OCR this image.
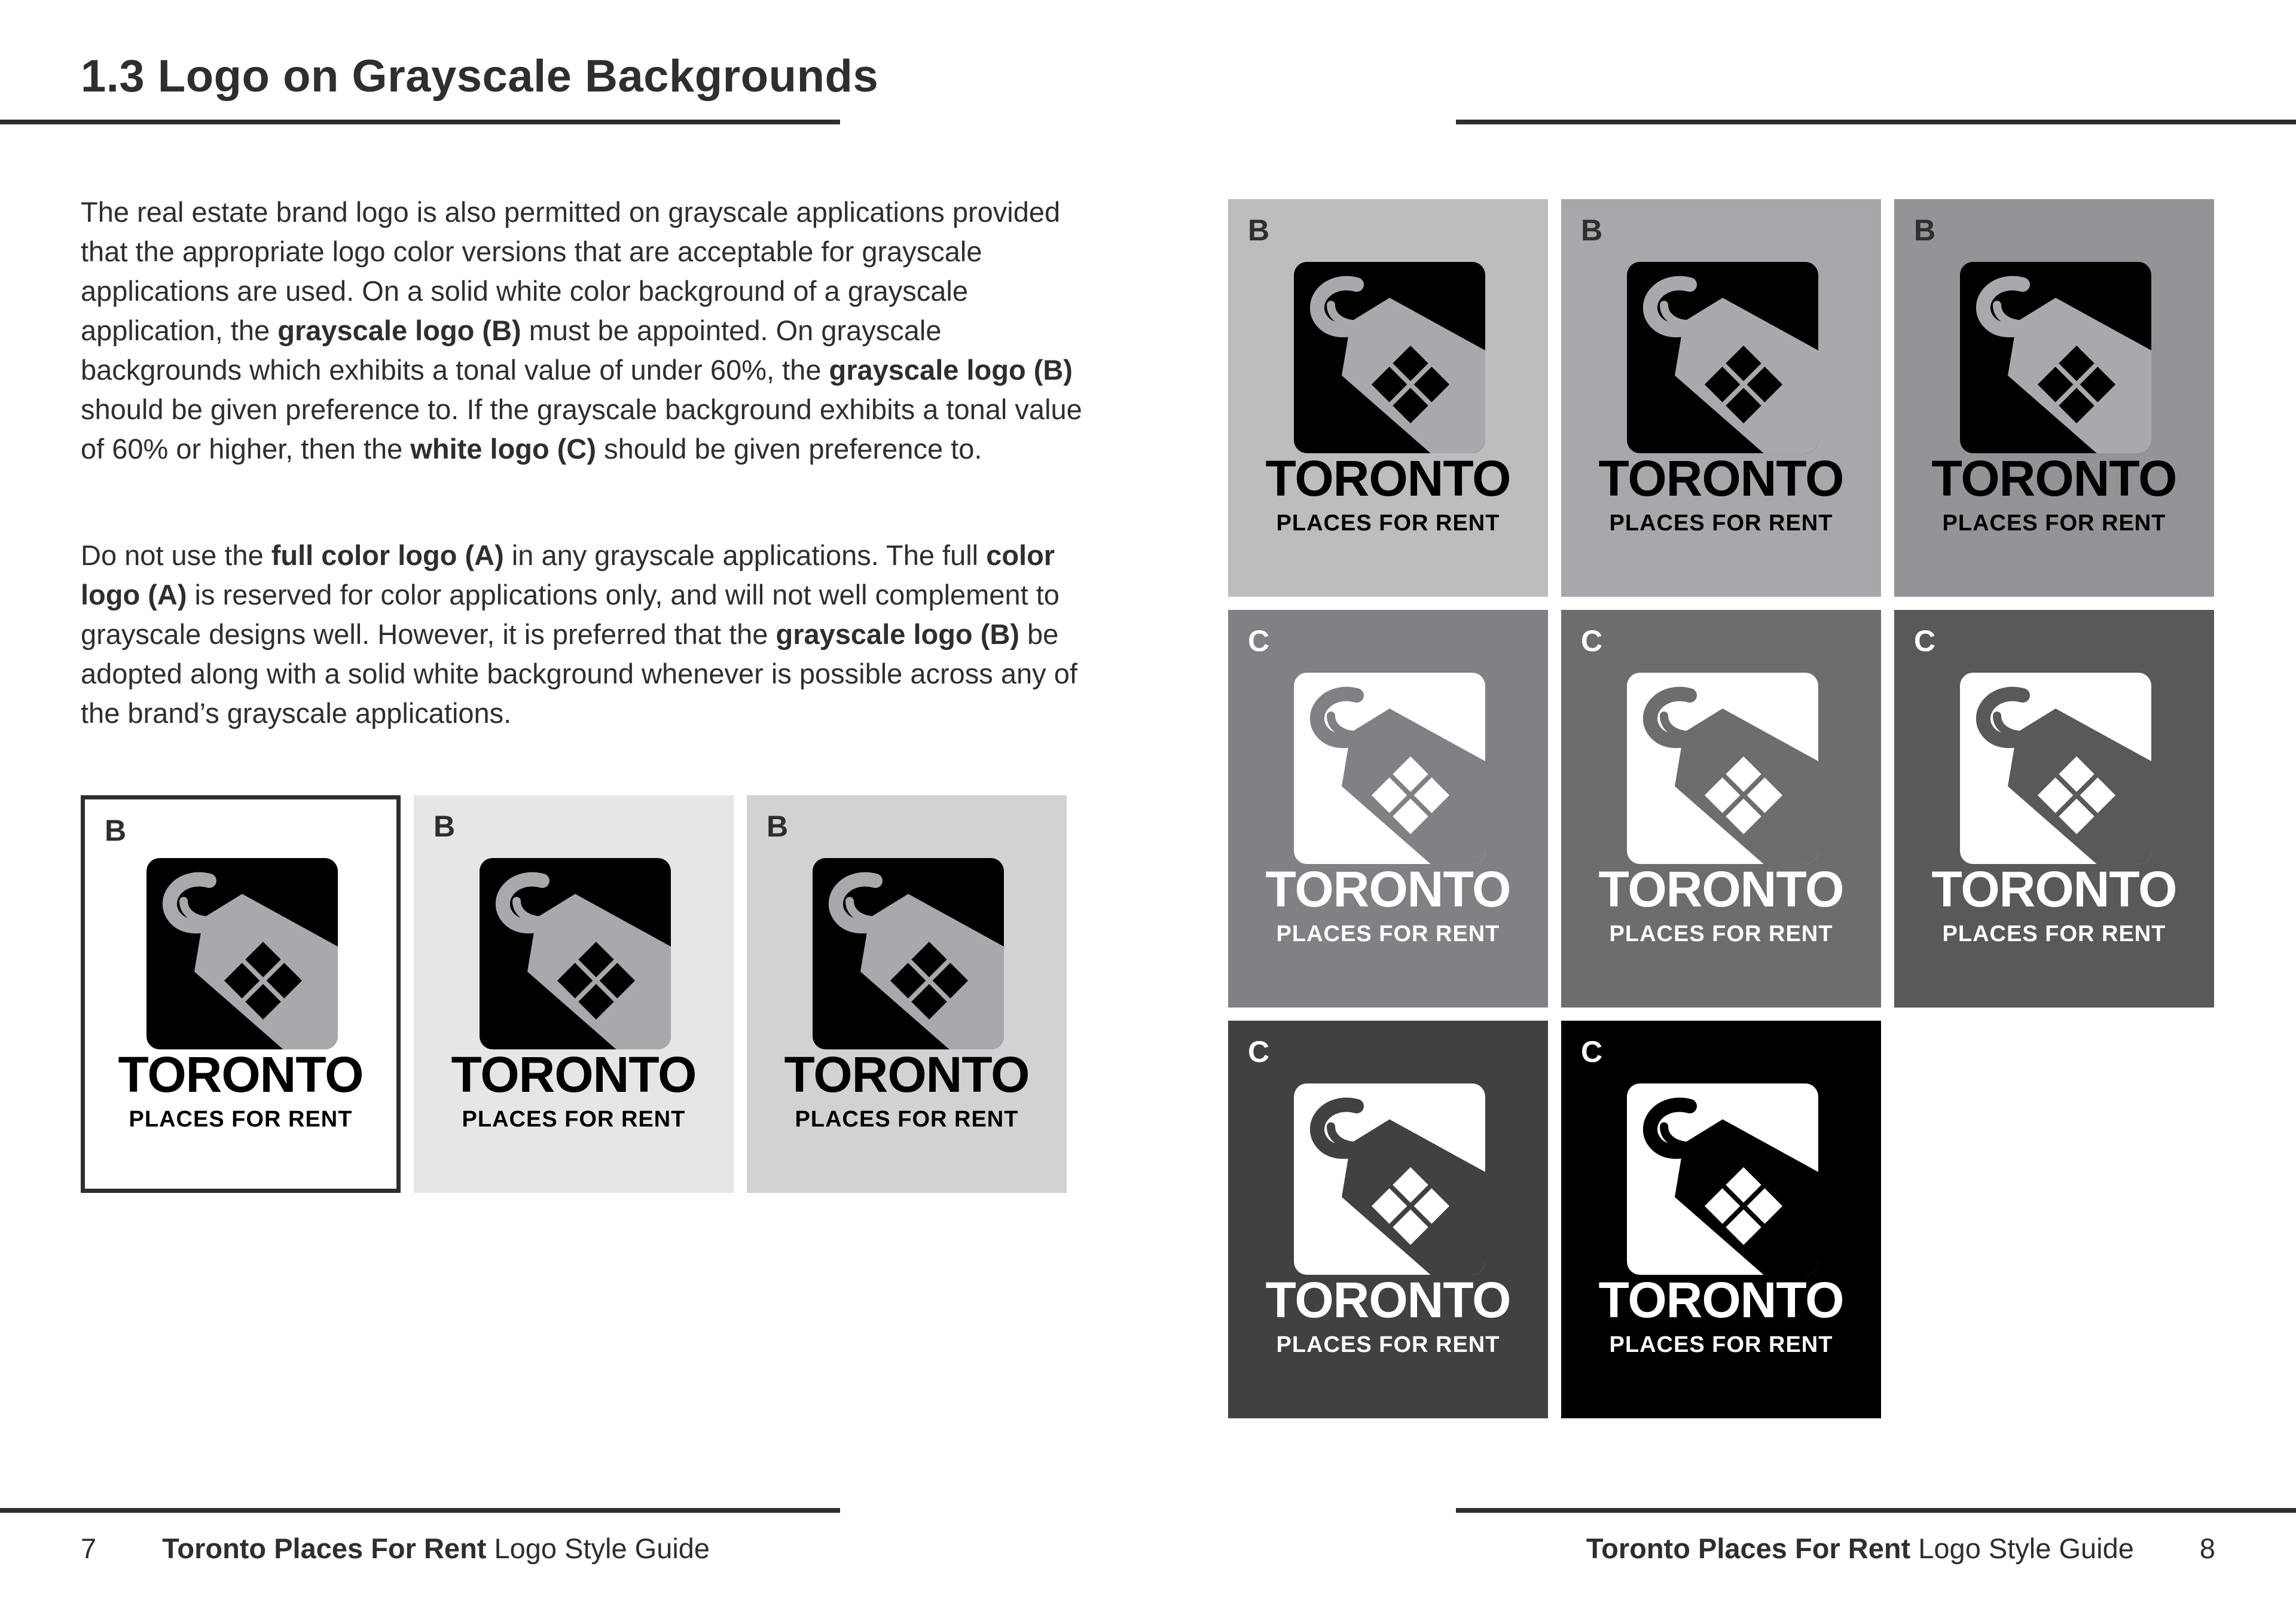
1.3 Logo on Grayscale Backgrounds

The real estate brand logo is also permitted on grayscale applications provided that the appropriate logo color versions that are acceptable for grayscale applications are used. On a solid white color background of a grayscale application, the grayscale logo (B) must be appointed. On grayscale backgrounds which exhibits a tonal value of under 60%, the grayscale logo (B) should be given preference to. If the grayscale background exhibits a tonal value of 60% or higher, then the white logo (C) should be given preference to.

Do not use the full color logo (A) in any grayscale applications. The full color logo (A) is reserved for color applications only, and will not well complement to grayscale designs well. However, it is preferred that the grayscale logo (B) be adopted along with a solid white background whenever is possible across any of the brand’s grayscale applications.

B
TORONTO
PLACES FOR RENT
B
TORONTO
PLACES FOR RENT
B
TORONTO
PLACES FOR RENT
B
TORONTO
PLACES FOR RENT
B
TORONTO
PLACES FOR RENT
B
TORONTO
PLACES FOR RENT
C
TORONTO
PLACES FOR RENT
C
TORONTO
PLACES FOR RENT
C
TORONTO
PLACES FOR RENT
C
TORONTO
PLACES FOR RENT
C
TORONTO
PLACES FOR RENT
7 Toronto Places For Rent Logo Style Guide	Toronto Places For Rent Logo Style Guide 8
